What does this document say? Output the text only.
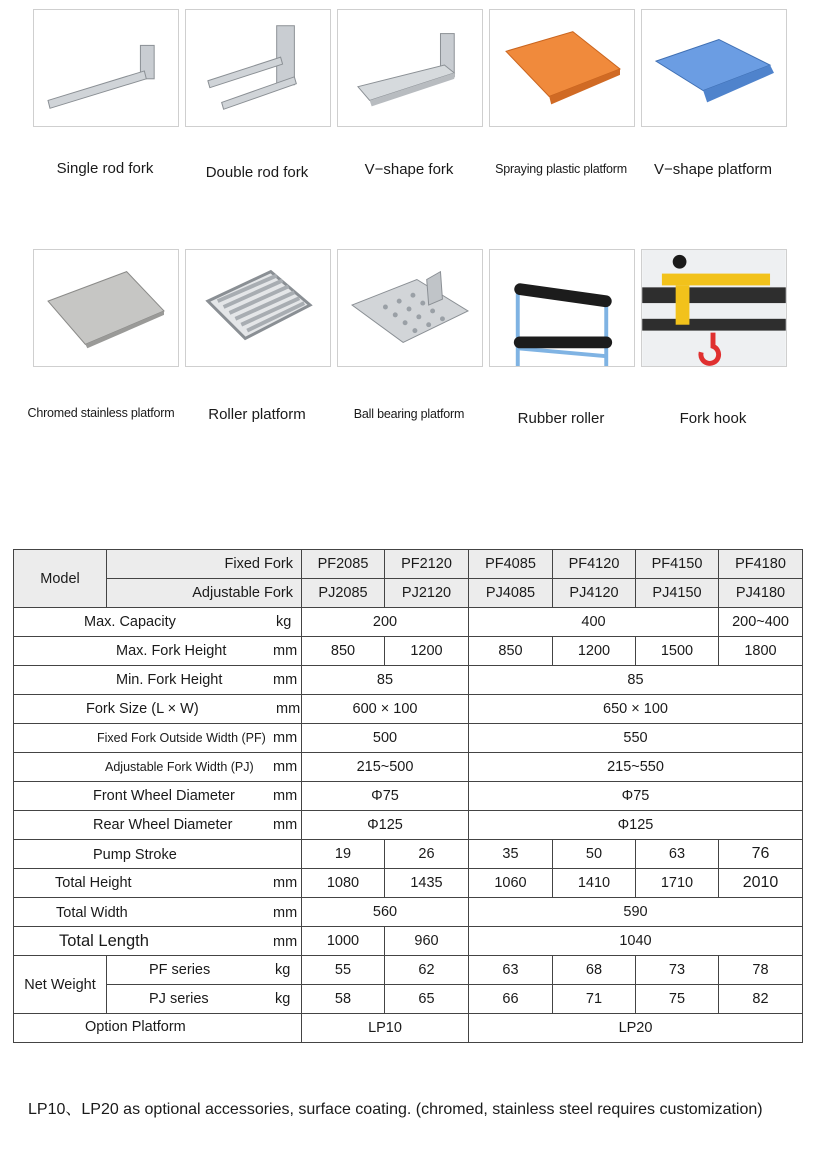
Single rod fork	Double rod fork	V−shape fork	Spraying plastic platform	V−shape platform
Chromed stainless platform	Roller platform	Ball bearing platform	Rubber roller	Fork hook
Model	Fixed Fork	PF2085	PF2120	PF4085	PF4120	PF4150	PF4180
	Adjustable Fork	PJ2085	PJ2120	PJ4085	PJ4120	PJ4150	PJ4180

Max. Capacity kg		200		400			200~400

Max. Fork Height mm		850	1200	850	1200	1500	1800

Min. Fork Height mm		85		85			

Fork Size (L × W) mm		600 × 100		650 × 100			

Fixed Fork Outside Width (PF) mm		500		550			

Adjustable Fork Width (PJ) mm		215~500		215~550			

Front Wheel Diameter mm		Φ75		Φ75			

Rear Wheel Diameter mm		Φ125		Φ125			

Pump Stroke		19	26	35	50	63	76

Total Height mm		1080	1435	1060	1410	1710	2010

Total Width mm		560		590			

Total Length mm		1000	960	1040			
Net Weight	PF series kg	55	62	63	68	73	78

	PJ series kg	58	65	66	71	75	82

Option Platform		LP10		LP20			
LP10、LP20 as optional accessories, surface coating. (chromed, stainless steel requires customization)
